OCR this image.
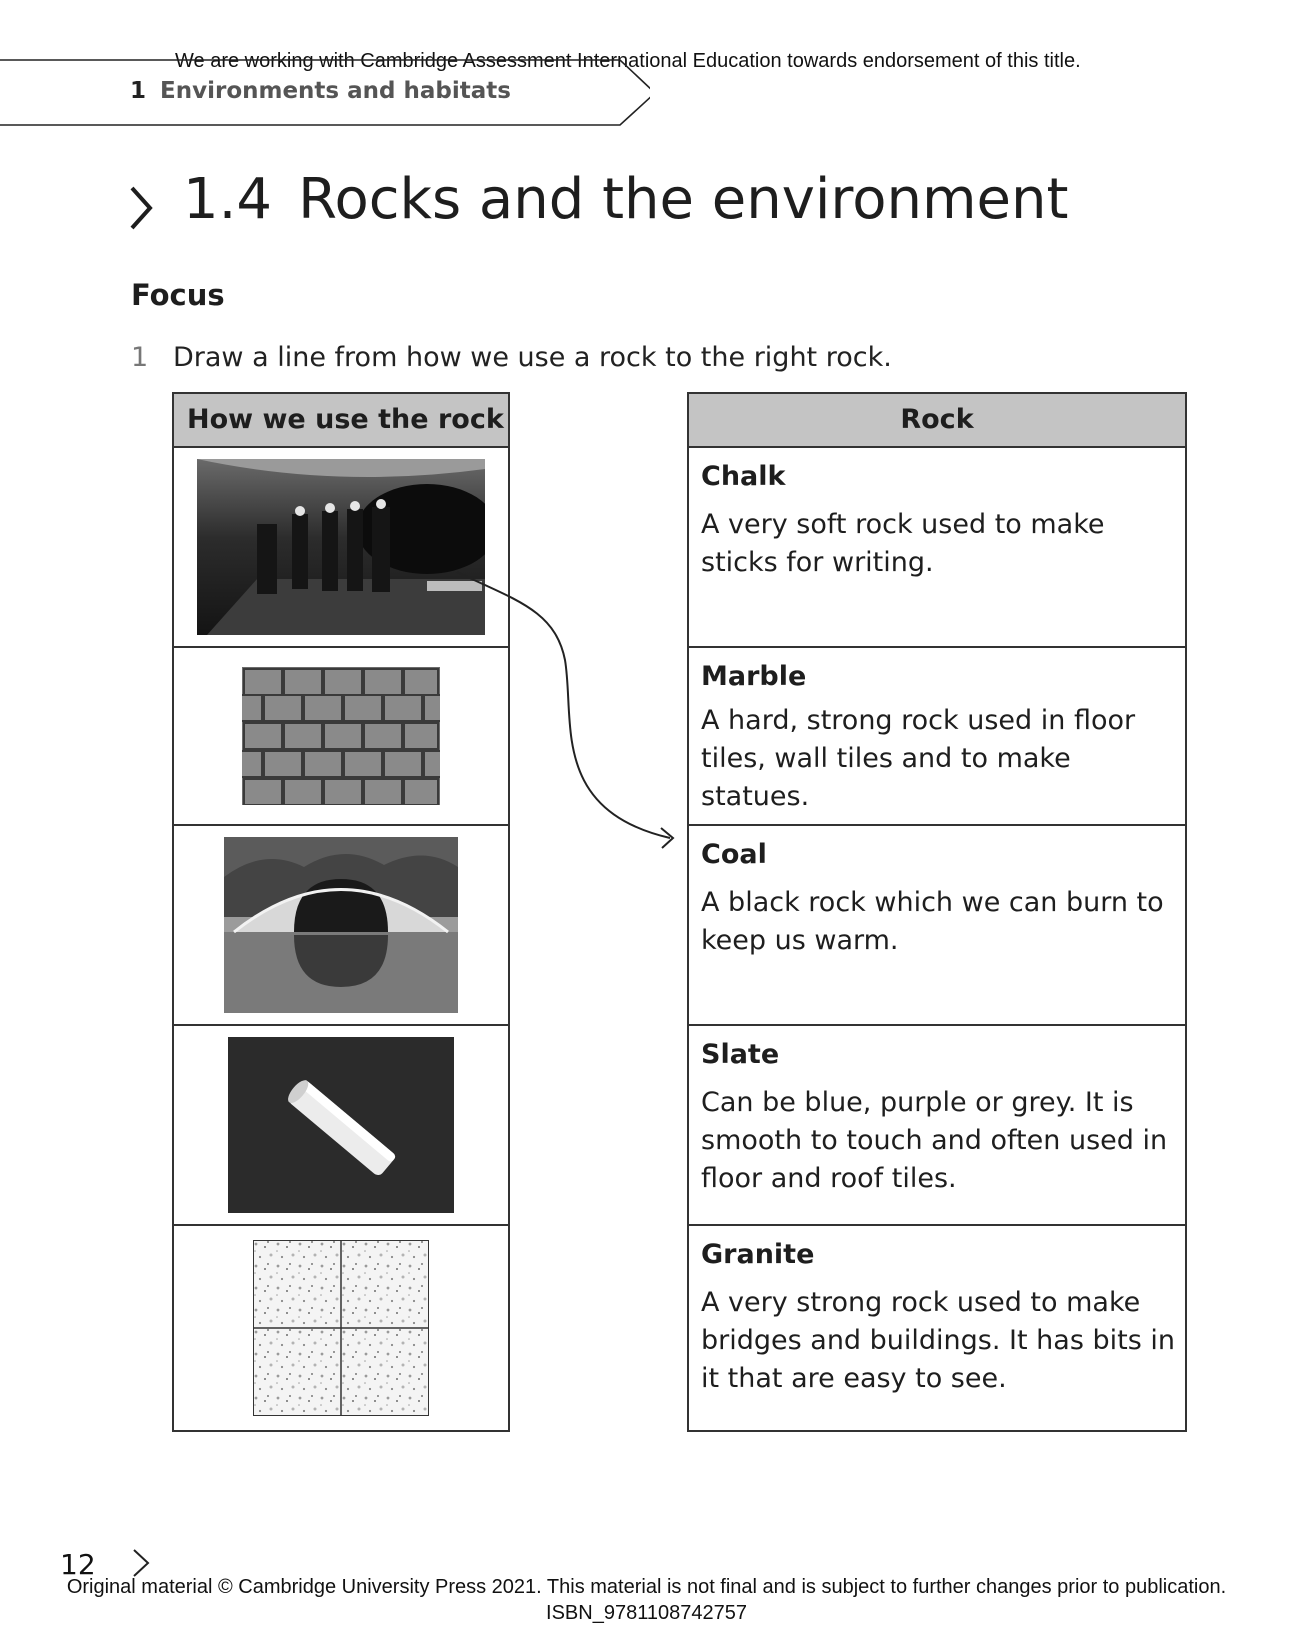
We are working with Cambridge Assessment International Education towards endorsement of this title.

1 Environments and habitats
1.4 Rocks and the environment
Focus
1 Draw a line from how we use a rock to the right rock.
How we use the rock	Rock

Chalk

A very soft rock used to make sticks for writing.

Marble

A hard, strong rock used in floor tiles, wall tiles and to make statues.

Coal

A black rock which we can burn to keep us warm.

Slate

Can be blue, purple or grey. It is smooth to touch and often used in floor and roof tiles.

Granite

A very strong rock used to make bridges and buildings. It has bits in it that are easy to see.

12

Original material © Cambridge University Press 2021. This material is not final and is subject to further changes prior to publication.

ISBN_9781108742757
